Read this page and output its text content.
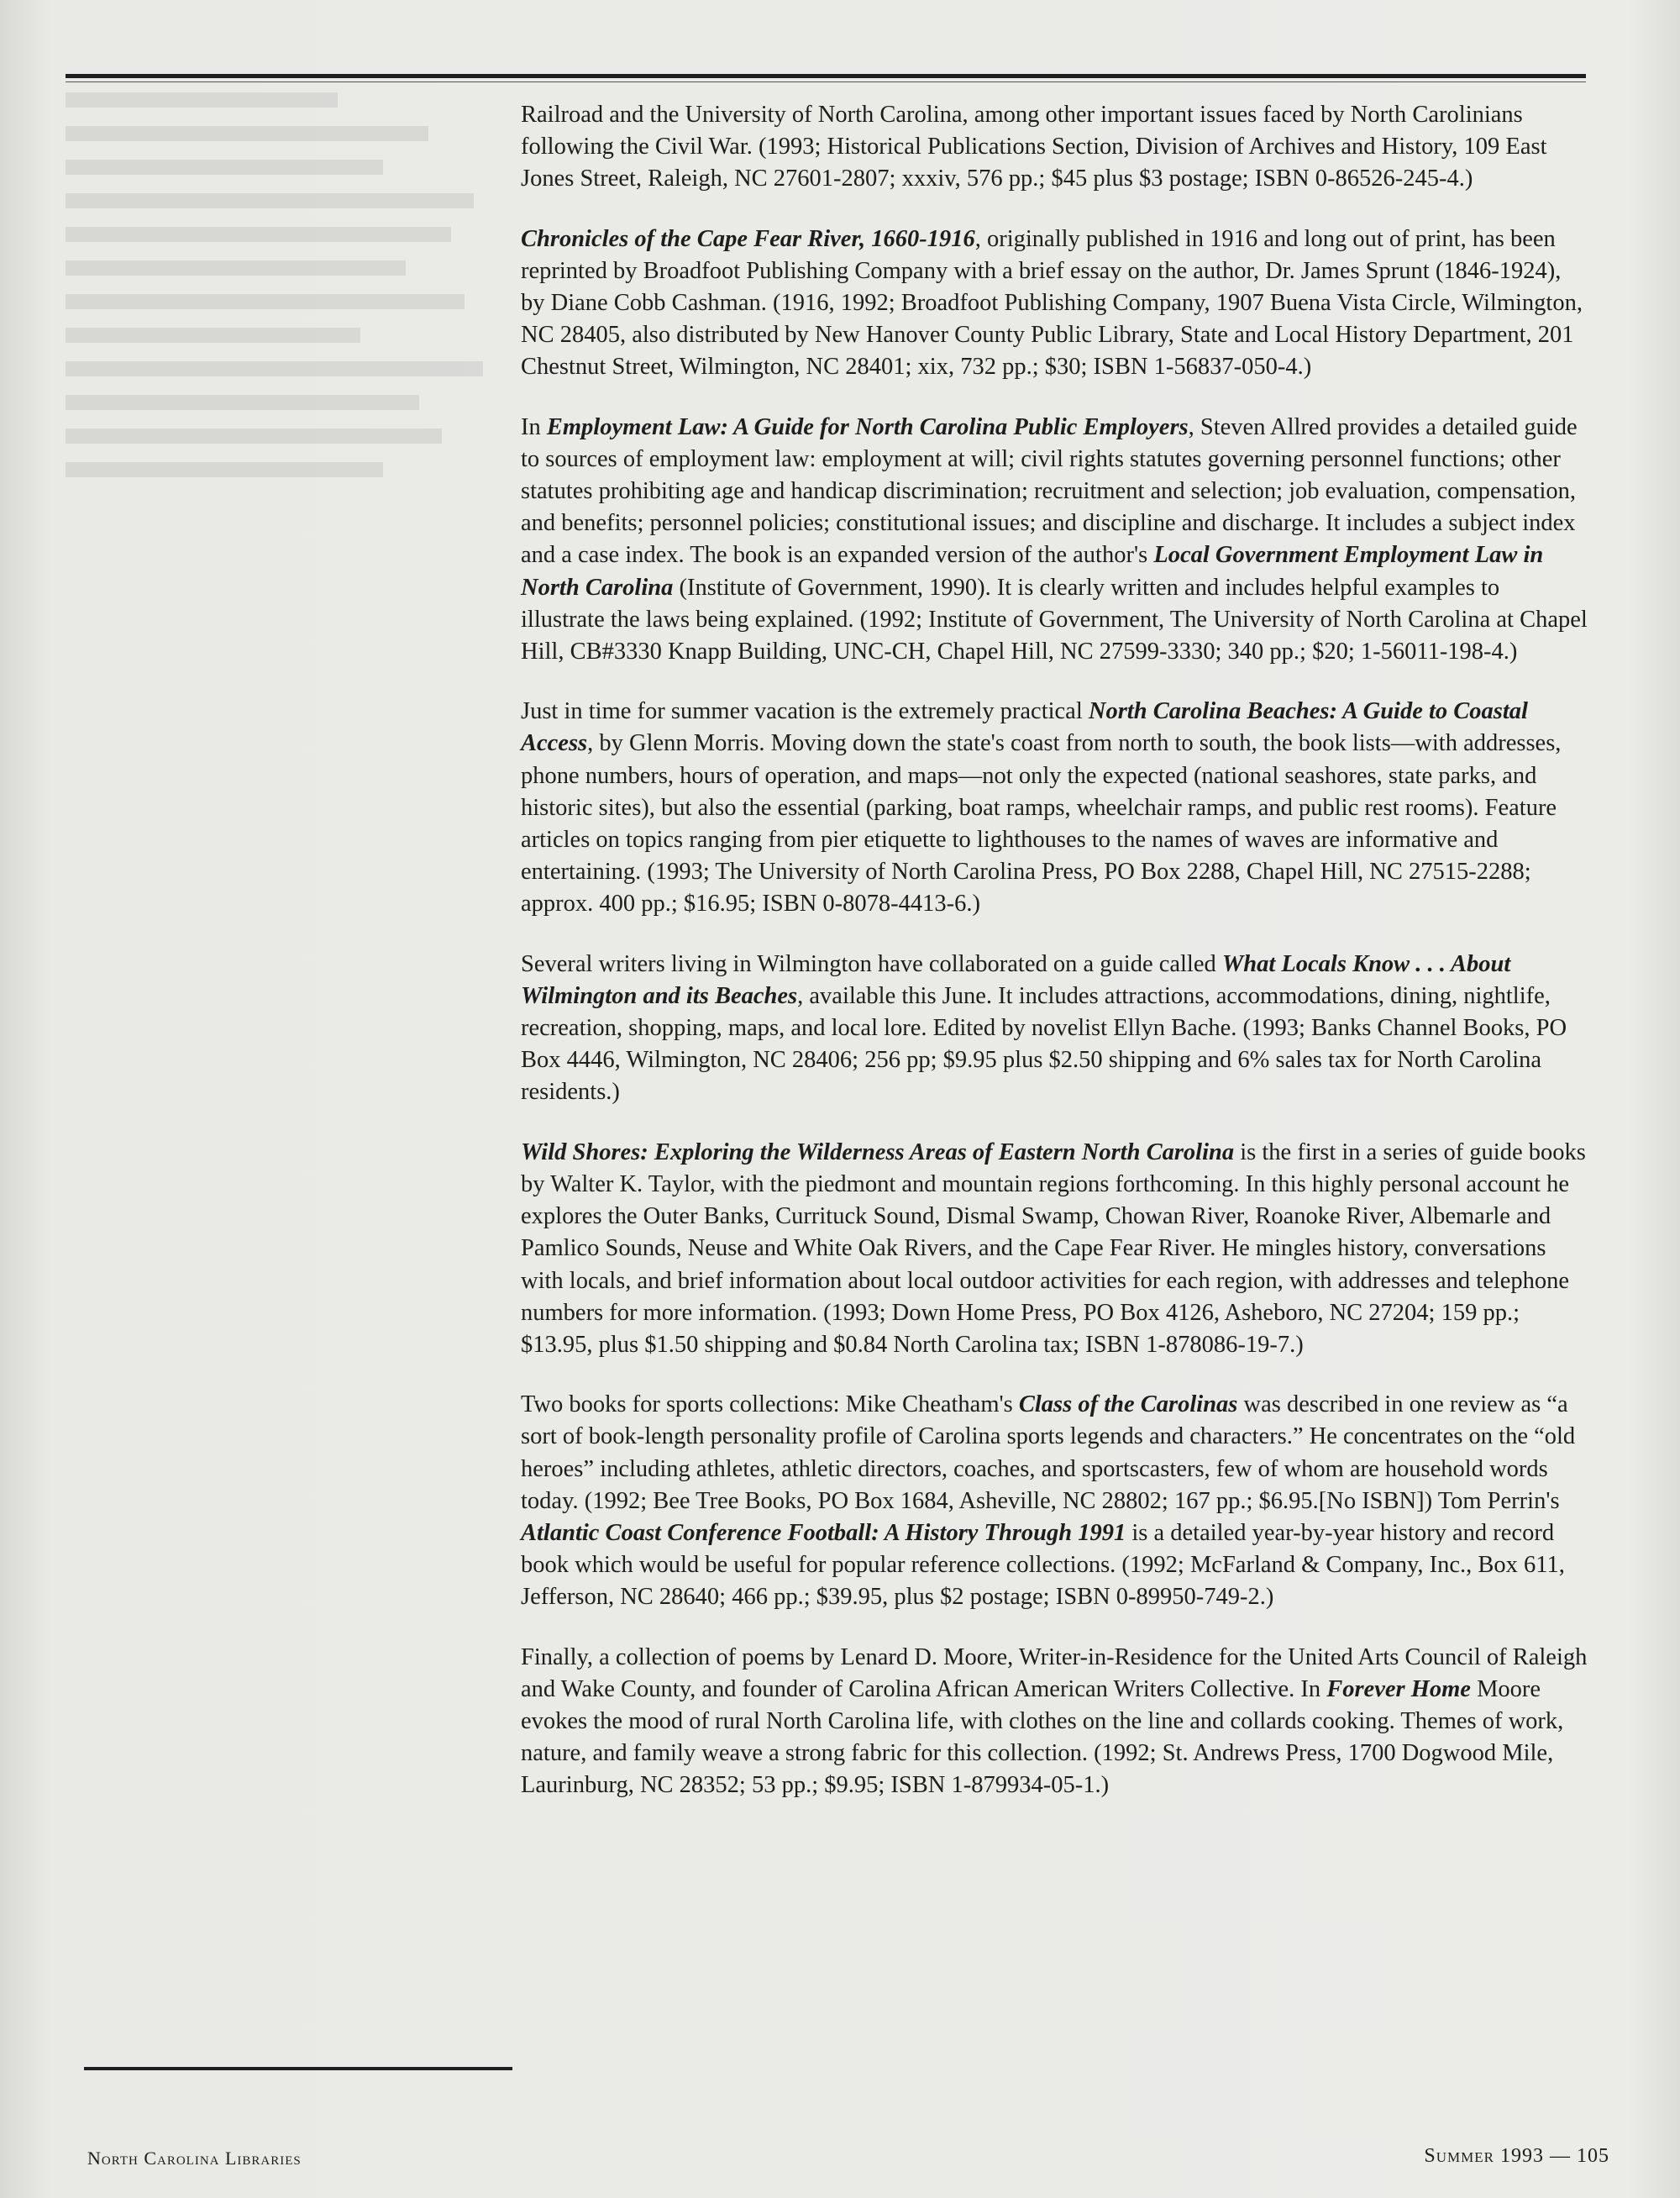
Railroad and the University of North Carolina, among other important issues faced by North Carolinians following the Civil War. (1993; Historical Publications Section, Division of Archives and History, 109 East Jones Street, Raleigh, NC 27601-2807; xxxiv, 576 pp.; $45 plus $3 postage; ISBN 0-86526-245-4.)

Chronicles of the Cape Fear River, 1660-1916, originally published in 1916 and long out of print, has been reprinted by Broadfoot Publishing Company with a brief essay on the author, Dr. James Sprunt (1846-1924), by Diane Cobb Cashman. (1916, 1992; Broadfoot Publishing Company, 1907 Buena Vista Circle, Wilmington, NC 28405, also distributed by New Hanover County Public Library, State and Local History Department, 201 Chestnut Street, Wilmington, NC 28401; xix, 732 pp.; $30; ISBN 1-56837-050-4.)

In Employment Law: A Guide for North Carolina Public Employers, Steven Allred provides a detailed guide to sources of employment law: employment at will; civil rights statutes governing personnel functions; other statutes prohibiting age and handicap discrimination; recruitment and selection; job evaluation, compensation, and benefits; personnel policies; constitutional issues; and discipline and discharge. It includes a subject index and a case index. The book is an expanded version of the author's Local Government Employment Law in North Carolina (Institute of Government, 1990). It is clearly written and includes helpful examples to illustrate the laws being explained. (1992; Institute of Government, The University of North Carolina at Chapel Hill, CB#3330 Knapp Building, UNC-CH, Chapel Hill, NC 27599-3330; 340 pp.; $20; 1-56011-198-4.)

Just in time for summer vacation is the extremely practical North Carolina Beaches: A Guide to Coastal Access, by Glenn Morris. Moving down the state's coast from north to south, the book lists—with addresses, phone numbers, hours of operation, and maps—not only the expected (national seashores, state parks, and historic sites), but also the essential (parking, boat ramps, wheelchair ramps, and public rest rooms). Feature articles on topics ranging from pier etiquette to lighthouses to the names of waves are informative and entertaining. (1993; The University of North Carolina Press, PO Box 2288, Chapel Hill, NC 27515-2288; approx. 400 pp.; $16.95; ISBN 0-8078-4413-6.)

Several writers living in Wilmington have collaborated on a guide called What Locals Know . . . About Wilmington and its Beaches, available this June. It includes attractions, accommodations, dining, nightlife, recreation, shopping, maps, and local lore. Edited by novelist Ellyn Bache. (1993; Banks Channel Books, PO Box 4446, Wilmington, NC 28406; 256 pp; $9.95 plus $2.50 shipping and 6% sales tax for North Carolina residents.)

Wild Shores: Exploring the Wilderness Areas of Eastern North Carolina is the first in a series of guide books by Walter K. Taylor, with the piedmont and mountain regions forthcoming. In this highly personal account he explores the Outer Banks, Currituck Sound, Dismal Swamp, Chowan River, Roanoke River, Albemarle and Pamlico Sounds, Neuse and White Oak Rivers, and the Cape Fear River. He mingles history, conversations with locals, and brief information about local outdoor activities for each region, with addresses and telephone numbers for more information. (1993; Down Home Press, PO Box 4126, Asheboro, NC 27204; 159 pp.; $13.95, plus $1.50 shipping and $0.84 North Carolina tax; ISBN 1-878086-19-7.)

Two books for sports collections: Mike Cheatham's Class of the Carolinas was described in one review as “a sort of book-length personality profile of Carolina sports legends and characters.” He concentrates on the “old heroes” including athletes, athletic directors, coaches, and sportscasters, few of whom are household words today. (1992; Bee Tree Books, PO Box 1684, Asheville, NC 28802; 167 pp.; $6.95.[No ISBN]) Tom Perrin's Atlantic Coast Conference Football: A History Through 1991 is a detailed year-by-year history and record book which would be useful for popular reference collections. (1992; McFarland & Company, Inc., Box 611, Jefferson, NC 28640; 466 pp.; $39.95, plus $2 postage; ISBN 0-89950-749-2.)

Finally, a collection of poems by Lenard D. Moore, Writer-in-Residence for the United Arts Council of Raleigh and Wake County, and founder of Carolina African American Writers Collective. In Forever Home Moore evokes the mood of rural North Carolina life, with clothes on the line and collards cooking. Themes of work, nature, and family weave a strong fabric for this collection. (1992; St. Andrews Press, 1700 Dogwood Mile, Laurinburg, NC 28352; 53 pp.; $9.95; ISBN 1-879934-05-1.)

North Carolina Libraries	Summer 1993 — 105
